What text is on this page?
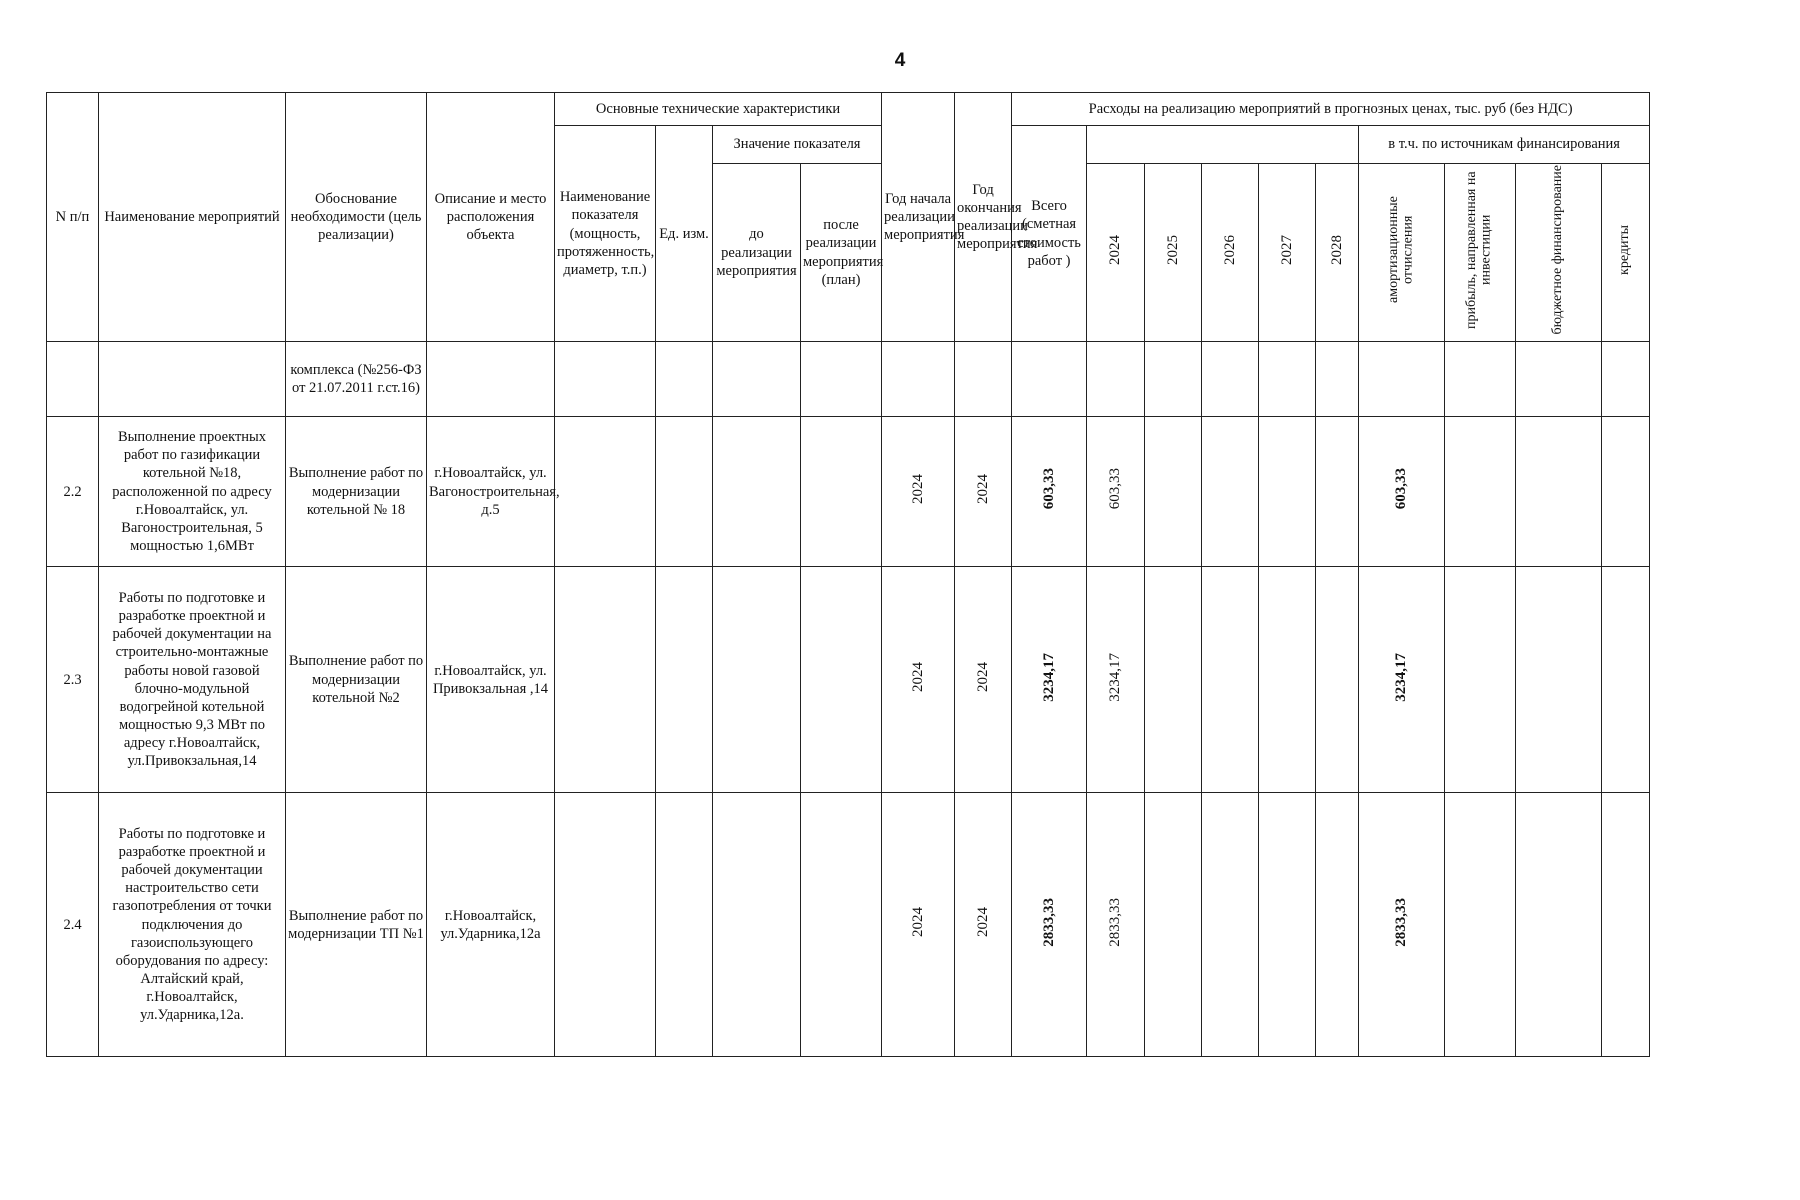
4
N п/п	Наименование мероприятий	Обоснование необходимости (цель реализации)	Описание и место расположения объекта	Основные технические характеристики				Год начала реализации мероприятия	Год окончания реализации мероприятия	Расходы на реализацию мероприятий в прогнозных ценах, тыс. руб (без НДС)									
				Наименование показателя (мощность, протяженность, диаметр, т.п.)	Ед. изм.	Значение показателя				Всего (сметная стоимость работ )						в т.ч. по источникам финансирования			
						до реализации мероприятия	после реализации мероприятия (план)				2024	2025	2026	2027	2028	амортизационные отчисления	прибыль, направленная на инвестиции	бюджетное финансирование	кредиты
		комплекса (№256-ФЗ от 21.07.2011 г.ст.16)																	
2.2	Выполнение проектных работ по газификации котельной №18, расположенной по адресу г.Новоалтайск, ул. Вагоностроительная, 5 мощностью 1,6МВт	Выполнение работ по модернизации котельной № 18	г.Новоалтайск, ул. Вагоностроительная, д.5					2024	2024	603,33	603,33					603,33			
2.3	Работы по подготовке и разработке проектной и рабочей документации на строительно-монтажные работы новой газовой блочно-модульной водогрейной котельной мощностью 9,3 МВт по адресу г.Новоалтайск, ул.Привокзальная,14	Выполнение работ по модернизации котельной №2	г.Новоалтайск, ул. Привокзальная ,14					2024	2024	3234,17	3234,17					3234,17			
2.4	Работы по подготовке и разработке проектной и рабочей документации настроительство сети газопотребления от точки подключения до газоиспользующего оборудования по адресу: Алтайский край, г.Новоалтайск, ул.Ударника,12а.	Выполнение работ по модернизации ТП №1	г.Новоалтайск, ул.Ударника,12а					2024	2024	2833,33	2833,33					2833,33			
